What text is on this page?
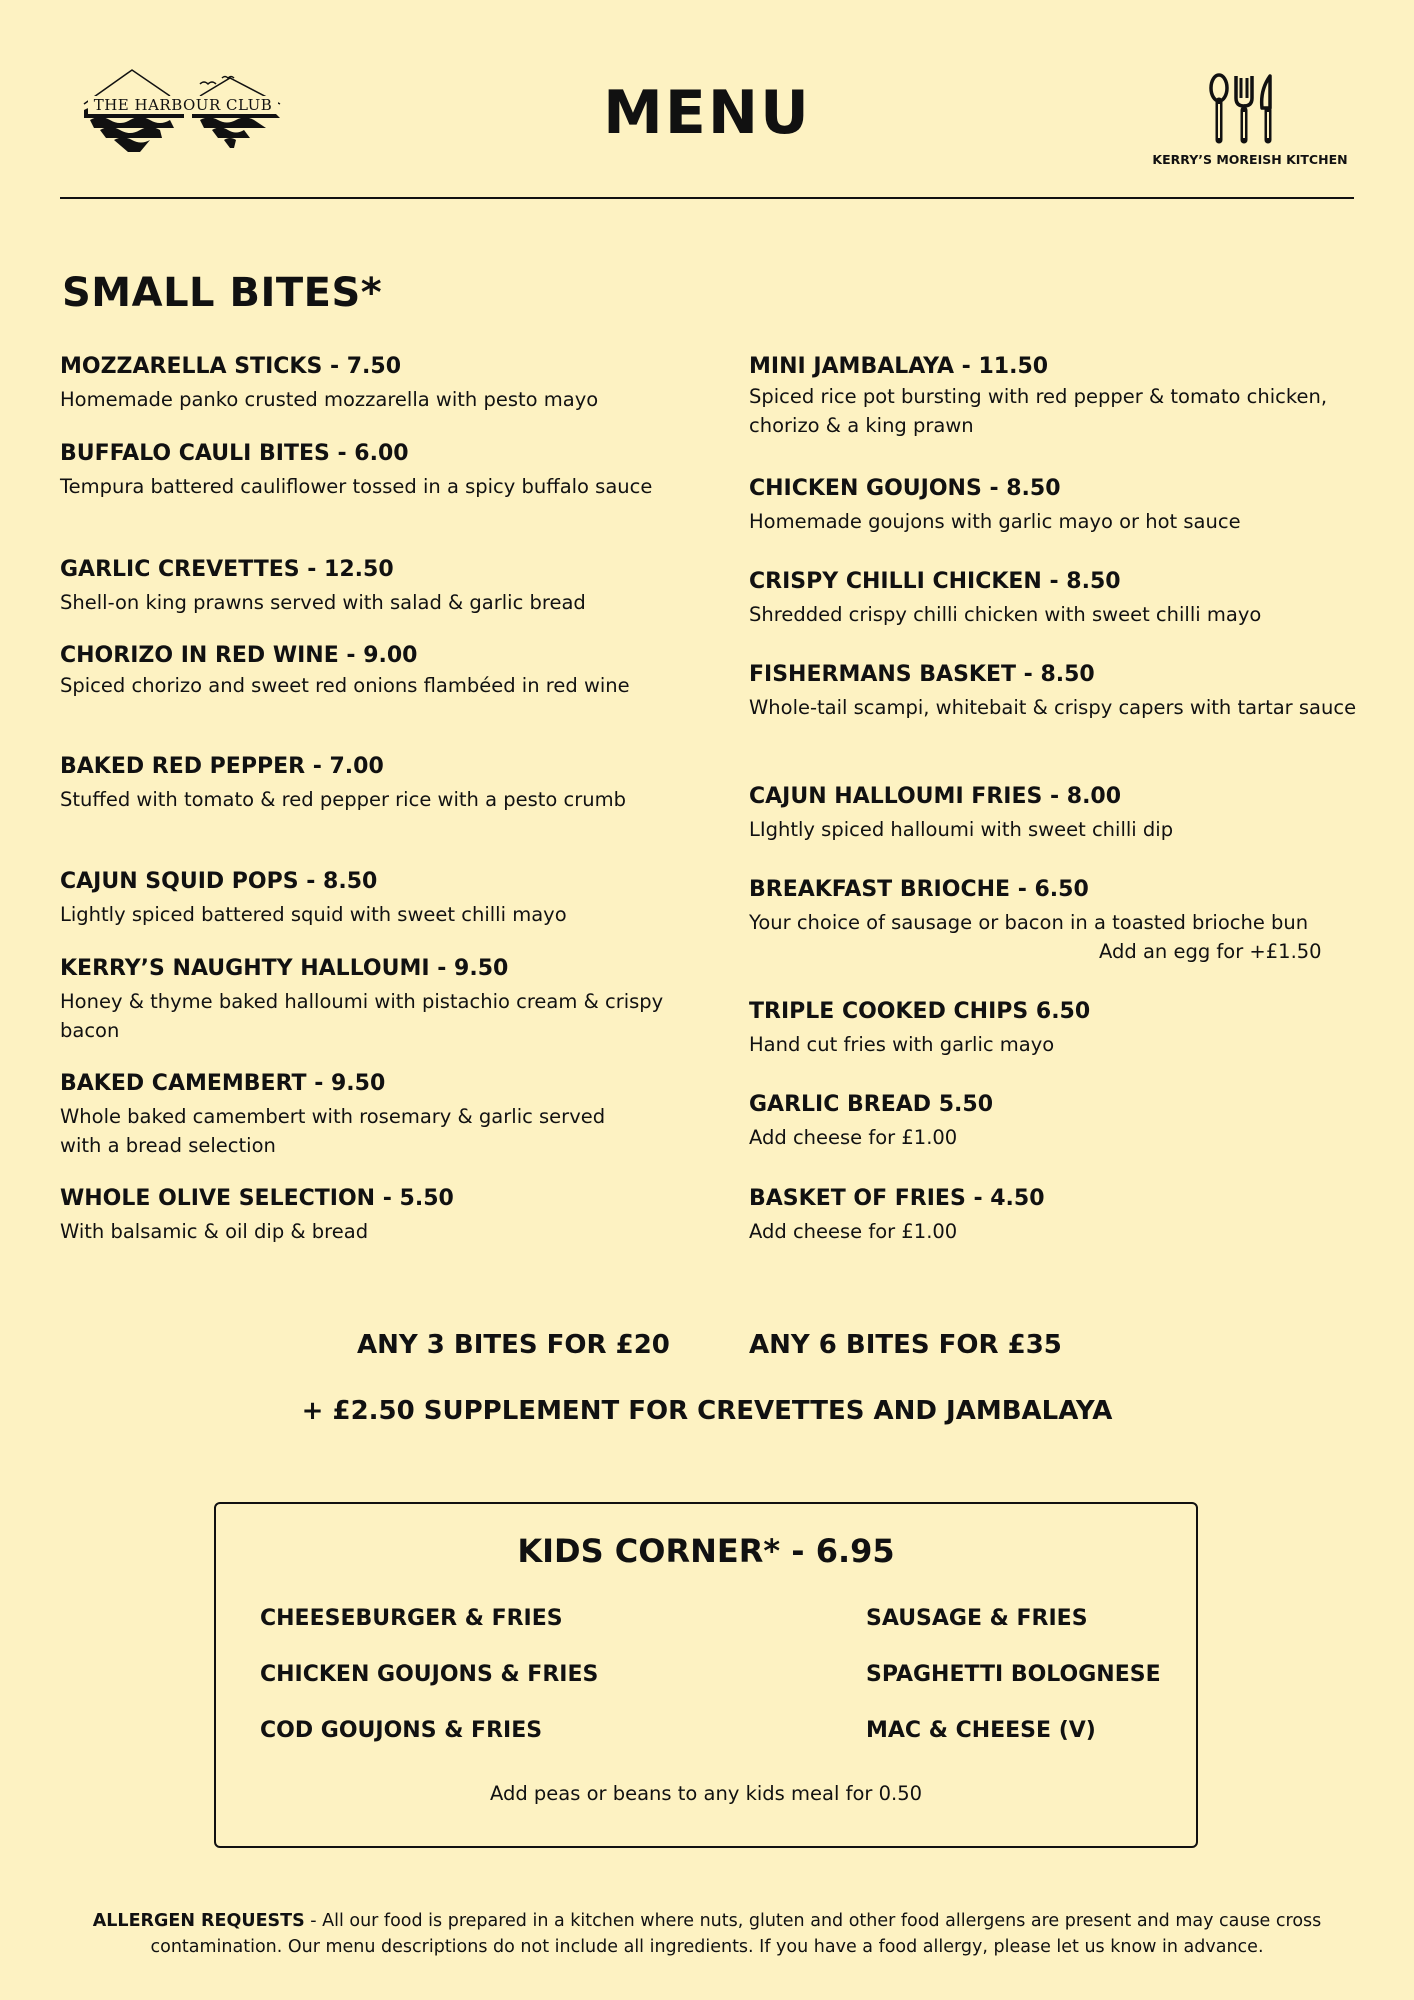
THE HARBOUR CLUB	MENU
KERRY’S MOREISH KITCHEN
SMALL BITES*
MOZZARELLA STICKS - 7.50
Homemade panko crusted mozzarella with pesto mayo
BUFFALO CAULI BITES - 6.00
Tempura battered cauliflower tossed in a spicy buffalo sauce
GARLIC CREVETTES - 12.50
Shell-on king prawns served with salad & garlic bread
CHORIZO IN RED WINE - 9.00
Spiced chorizo and sweet red onions flambéed in red wine
BAKED RED PEPPER - 7.00
Stuffed with tomato & red pepper rice with a pesto crumb
CAJUN SQUID POPS - 8.50
Lightly spiced battered squid with sweet chilli mayo
KERRY’S NAUGHTY HALLOUMI - 9.50
Honey & thyme baked halloumi with pistachio cream & crispy bacon
BAKED CAMEMBERT - 9.50
Whole baked camembert with rosemary & garlic served with a bread selection
WHOLE OLIVE SELECTION - 5.50
With balsamic & oil dip & bread
MINI JAMBALAYA - 11.50
Spiced rice pot bursting with red pepper & tomato chicken, chorizo & a king prawn
CHICKEN GOUJONS - 8.50
Homemade goujons with garlic mayo or hot sauce
CRISPY CHILLI CHICKEN - 8.50
Shredded crispy chilli chicken with sweet chilli mayo
FISHERMANS BASKET - 8.50
Whole-tail scampi, whitebait & crispy capers with tartar sauce
CAJUN HALLOUMI FRIES - 8.00
LIghtly spiced halloumi with sweet chilli dip
BREAKFAST BRIOCHE - 6.50
Your choice of sausage or bacon in a toasted brioche bun
Add an egg for +£1.50
TRIPLE COOKED CHIPS 6.50
Hand cut fries with garlic mayo
GARLIC BREAD 5.50
Add cheese for £1.00
BASKET OF FRIES - 4.50
Add cheese for £1.00
ANY 3 BITES FOR £20	ANY 6 BITES FOR £35
+ £2.50 SUPPLEMENT FOR CREVETTES AND JAMBALAYA
KIDS CORNER* - 6.95
CHEESEBURGER & FRIES
CHICKEN GOUJONS & FRIES
COD GOUJONS & FRIES
SAUSAGE & FRIES
SPAGHETTI BOLOGNESE
MAC & CHEESE (V)
Add peas or beans to any kids meal for 0.50
ALLERGEN REQUESTS - All our food is prepared in a kitchen where nuts, gluten and other food allergens are present and may cause cross contamination. Our menu descriptions do not include all ingredients. If you have a food allergy, please let us know in advance.
